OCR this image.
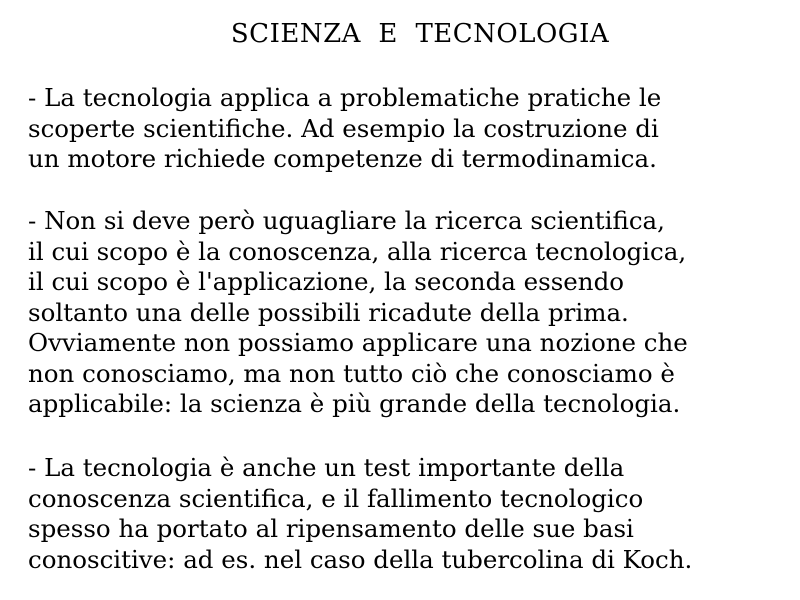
SCIENZA  E  TECNOLOGIA
- La tecnologia applica a problematiche pratiche le
scoperte scientifiche. Ad esempio la costruzione di
un motore richiede competenze di termodinamica.
- Non si deve però uguagliare la ricerca scientifica,
il cui scopo è la conoscenza, alla ricerca tecnologica,
il cui scopo è l'applicazione, la seconda essendo
soltanto una delle possibili ricadute della prima.
Ovviamente non possiamo applicare una nozione che
non conosciamo, ma non tutto ciò che conosciamo è
applicabile: la scienza è più grande della tecnologia.
- La tecnologia è anche un test importante della
conoscenza scientifica, e il fallimento tecnologico
spesso ha portato al ripensamento delle sue basi
conoscitive: ad es. nel caso della tubercolina di Koch.
